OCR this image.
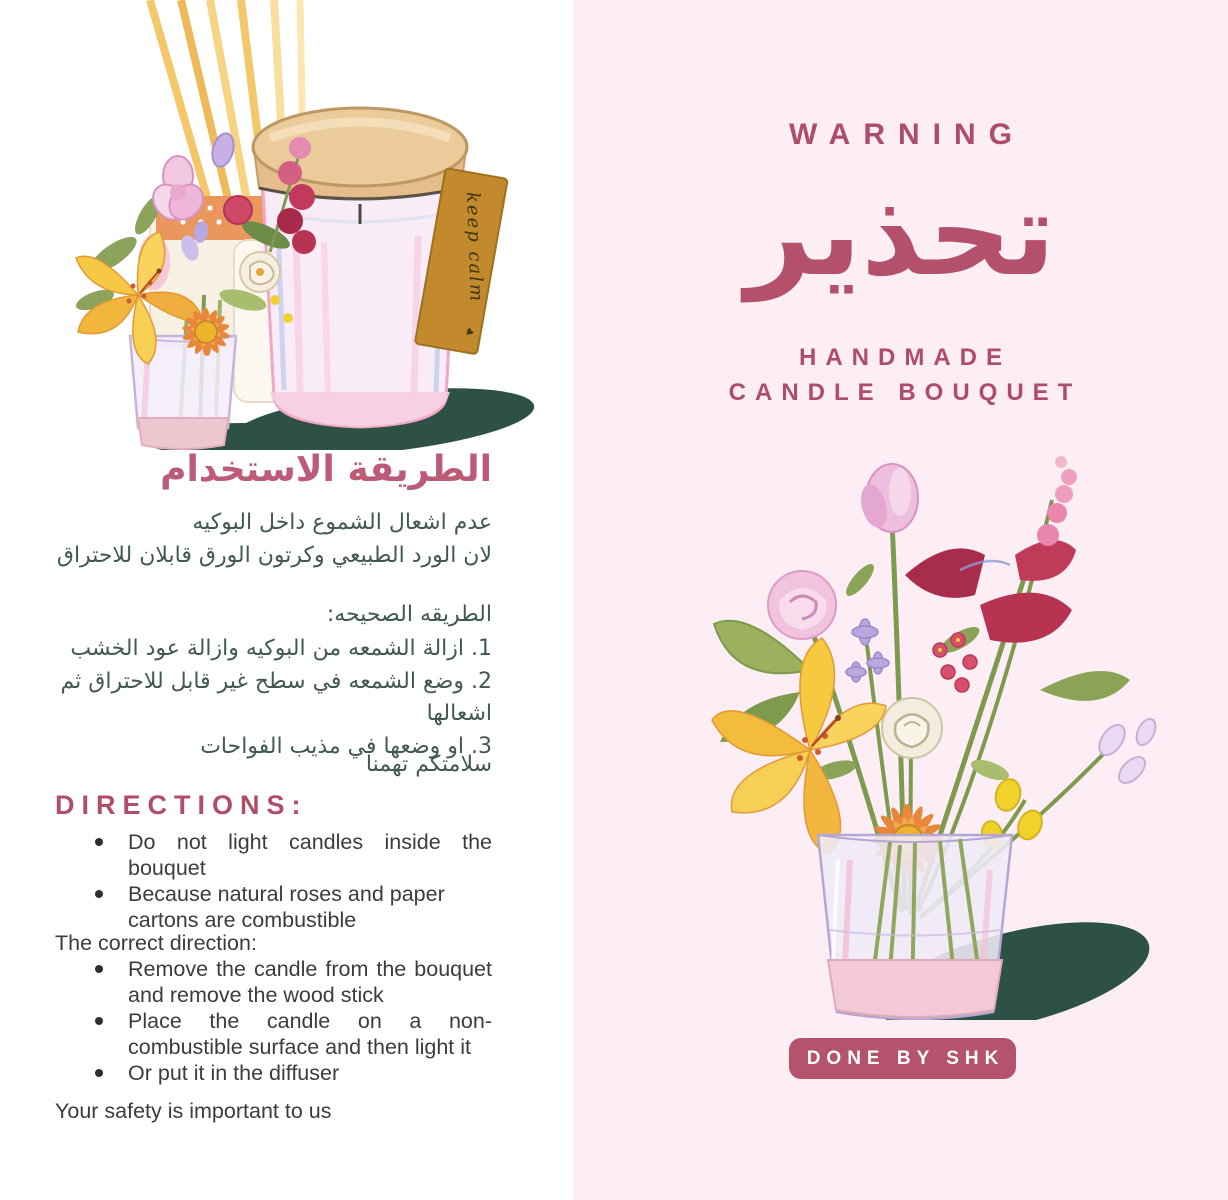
keep calm
♥
الطريقة الاستخدام
عدم اشعال الشموع داخل البوكيه
لان الورد الطبيعي وكرتون الورق قابلان للاحتراق
الطريقه الصحيحه:
1. ازالة الشمعه من البوكيه وازالة عود الخشب
2. وضع الشمعه في سطح غير قابل للاحتراق ثم اشعالها
3. او وضعها في مذيب الفواحات
سلامتكم تهمنا
DIRECTIONS:
Do not light candles inside the bouquet
Because natural roses and paper cartons are combustible
The correct direction:
Remove the candle from the bouquet and remove the wood stick
Place the candle on a non-combustible surface and then light it
Or put it in the diffuser
Your safety is important to us
WARNING
تحذير
HANDMADE
CANDLE BOUQUET
DONE BY SHK
